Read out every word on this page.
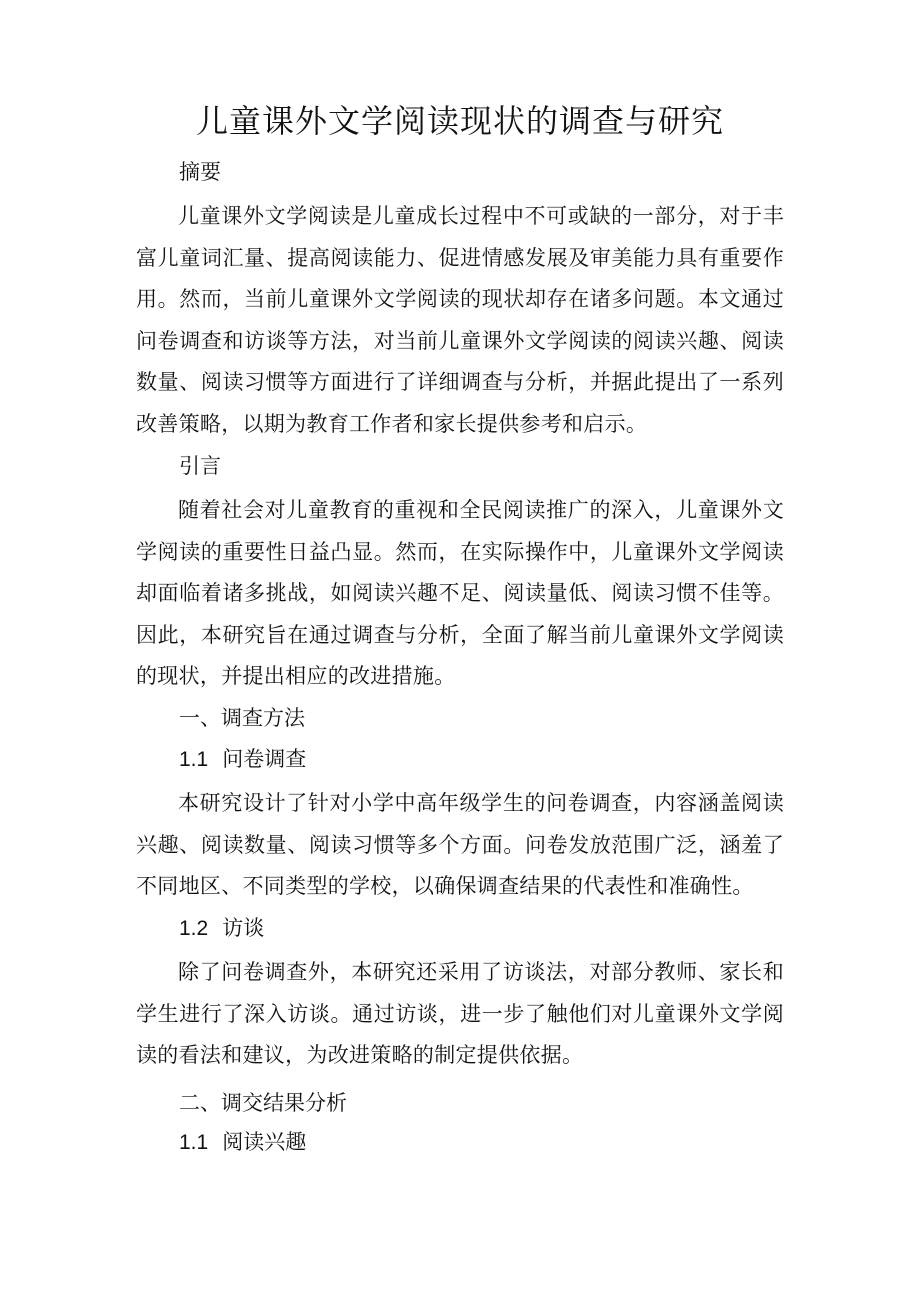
儿童课外文学阅读现状的调查与研究
摘要
儿童课外文学阅读是儿童成长过程中不可或缺的一部分，对于丰富儿童词汇量、提高阅读能力、促进情感发展及审美能力具有重要作用。然而，当前儿童课外文学阅读的现状却存在诸多问题。本文通过问卷调查和访谈等方法，对当前儿童课外文学阅读的阅读兴趣、阅读数量、阅读习惯等方面进行了详细调查与分析，并据此提出了一系列改善策略，以期为教育工作者和家长提供参考和启示。
引言
随着社会对儿童教育的重视和全民阅读推广的深入，儿童课外文学阅读的重要性日益凸显。然而，在实际操作中，儿童课外文学阅读却面临着诸多挑战，如阅读兴趣不足、阅读量低、阅读习惯不佳等。因此，本研究旨在通过调查与分析，全面了解当前儿童课外文学阅读的现状，并提出相应的改进措施。
一、调查方法
1.1 问卷调查
本研究设计了针对小学中高年级学生的问卷调查，内容涵盖阅读兴趣、阅读数量、阅读习惯等多个方面。问卷发放范围广泛，涵羞了不同地区、不同类型的学校，以确保调查结果的代表性和准确性。
1.2 访谈
除了问卷调查外，本研究还采用了访谈法，对部分教师、家长和学生进行了深入访谈。通过访谈，进一步了触他们对儿童课外文学阅读的看法和建议，为改进策略的制定提供依据。
二、调交结果分析
1.1 阅读兴趣
